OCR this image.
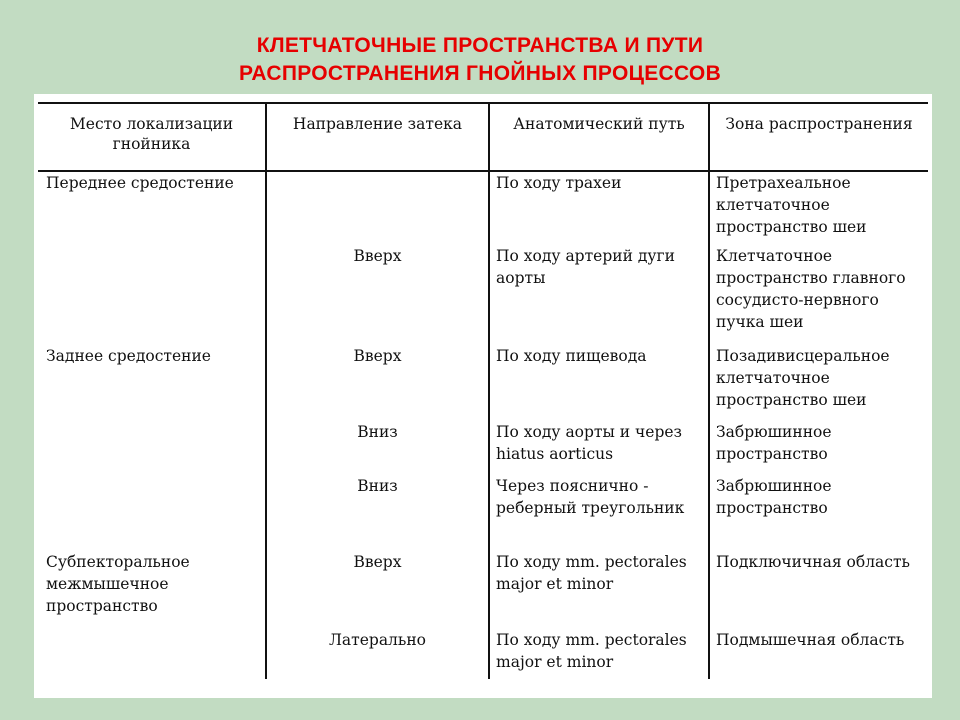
КЛЕТЧАТОЧНЫЕ ПРОСТРАНСТВА И ПУТИ
РАСПРОСТРАНЕНИЯ ГНОЙНЫХ ПРОЦЕССОВ
Место локализации гнойника	Направление затека	Анатомический путь	Зона распространения
Переднее средостение		По ходу трахеи	Претрахеальное клетчаточное пространство шеи
	Вверх	По ходу артерий дуги аорты	Клетчаточное пространство главного сосудисто-нервного пучка шеи
Заднее средостение	Вверх	По ходу пищевода	Позадивисцеральное клетчаточное пространство шеи
	Вниз	По ходу аорты и через hiatus aorticus	Забрюшинное пространство
	Вниз	Через пояснично - реберный треугольник	Забрюшинное пространство
Субпекторальное межмышечное пространство	Вверх	По ходу mm. pectorales major et minor	Подключичная область
	Латерально	По ходу mm. pectorales major et minor	Подмышечная область
